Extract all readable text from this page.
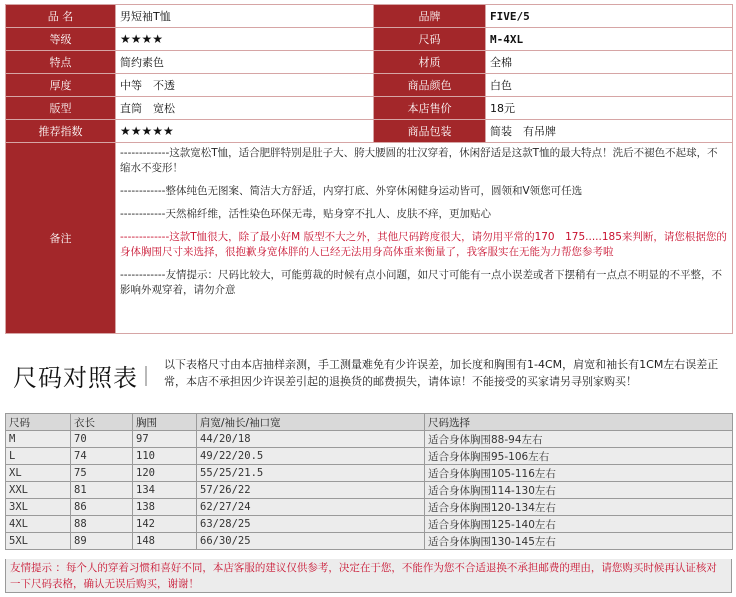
品 名	男短袖T恤	品牌	FIVE/5
等级	★★★★	尺码	M-4XL
特点	简约素色	材质	全棉
厚度	中等　不透	商品颜色	白色
版型	直筒　宽松	本店售价	18元
推荐指数	★★★★★	商品包装	简装　有吊牌
备注	-------------这款宽松T恤，适合肥胖特别是肚子大、胯大腰圆的壮汉穿着，休闲舒适是这款T恤的最大特点！洗后不褪色不起球，不缩水不变形！

------------整体纯色无图案、简洁大方舒适，内穿打底、外穿休闲健身运动皆可，圆领和V领您可任选

------------天然棉纤维，活性染色环保无毒，贴身穿不扎人、皮肤不痒，更加贴心

-------------这款T恤很大，除了最小好M 版型不大之外，其他尺码跨度很大，请勿用平常的170　175.....185来判断，请您根据您的身体胸围尺寸来选择，很抱歉身宽体胖的人已经无法用身高体重来衡量了，我客服实在无能为力帮您参考啦

------------友情提示：尺码比较大，可能剪裁的时候有点小问题，如尺寸可能有一点小误差或者下摆稍有一点点不明显的不平整，不影响外观穿着，请勿介意		

尺码对照表 以下表格尺寸由本店抽样亲测，手工测量难免有少许误差，加长度和胸围有1-4CM，肩宽和袖长有1CM左右误差正常，本店不承担因少许误差引起的退换货的邮费损失，请体谅！不能接受的买家请另寻别家购买！
尺码	衣长	胸围	肩宽/袖长/袖口宽	尺码选择
M	70	97	44/20/18	适合身体胸围88-94左右
L	74	110	49/22/20.5	适合身体胸围95-106左右
XL	75	120	55/25/21.5	适合身体胸围105-116左右
XXL	81	134	57/26/22	适合身体胸围114-130左右
3XL	86	138	62/27/24	适合身体胸围120-134左右
4XL	88	142	63/28/25	适合身体胸围125-140左右
5XL	89	148	66/30/25	适合身体胸围130-145左右
友情提示 ：每个人的穿着习惯和喜好不同，本店客服的建议仅供参考，决定在于您，不能作为您不合适退换不承担邮费的理由，请您购买时候再认证核对一下尺码表格，确认无误后购买，谢谢！
